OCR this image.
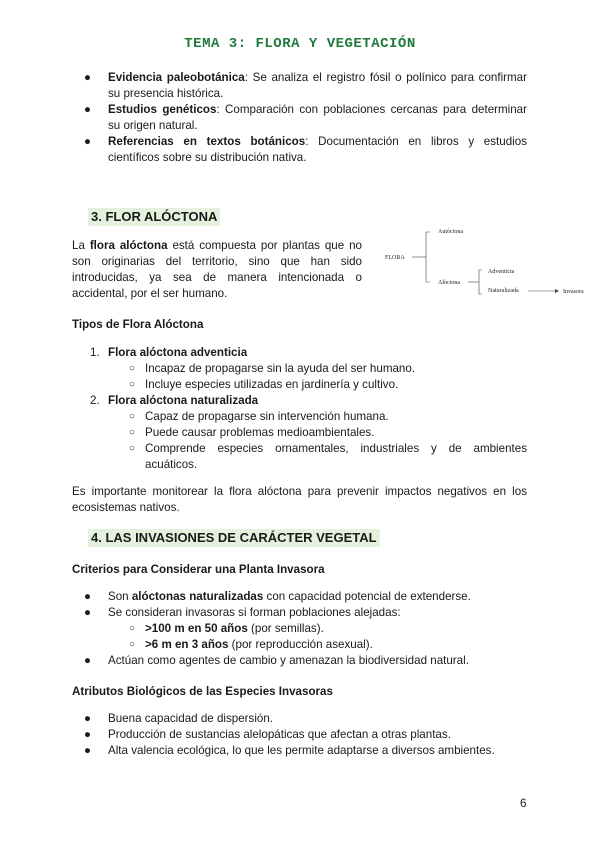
TEMA 3: FLORA Y VEGETACIÓN
● Evidencia paleobotánica: Se analiza el registro fósil o polínico para confirmar su presencia histórica.
● Estudios genéticos: Comparación con poblaciones cercanas para determinar su origen natural.
● Referencias en textos botánicos: Documentación en libros y estudios científicos sobre su distribución nativa.
3. FLOR ALÓCTONA
La flora alóctona está compuesta por plantas que no son originarias del territorio, sino que han sido introducidas, ya sea de manera intencionada o accidental, por el ser humano.
FLORA
Autóctona
Alóctona
Adventicia
Naturalizada	Invasora
Tipos de Flora Alóctona
1. Flora alóctona adventicia
○ Incapaz de propagarse sin la ayuda del ser humano.
○ Incluye especies utilizadas en jardinería y cultivo.
2. Flora alóctona naturalizada
○ Capaz de propagarse sin intervención humana.
○ Puede causar problemas medioambientales.
○ Comprende especies ornamentales, industriales y de ambientes acuáticos.
Es importante monitorear la flora alóctona para prevenir impactos negativos en los ecosistemas nativos.
4. LAS INVASIONES DE CARÁCTER VEGETAL
Criterios para Considerar una Planta Invasora
● Son alóctonas naturalizadas con capacidad potencial de extenderse.
● Se consideran invasoras si forman poblaciones alejadas:
○ >100 m en 50 años (por semillas).
○ >6 m en 3 años (por reproducción asexual).
● Actúan como agentes de cambio y amenazan la biodiversidad natural.
Atributos Biológicos de las Especies Invasoras
● Buena capacidad de dispersión.
● Producción de sustancias alelopáticas que afectan a otras plantas.
● Alta valencia ecológica, lo que les permite adaptarse a diversos ambientes.
6
